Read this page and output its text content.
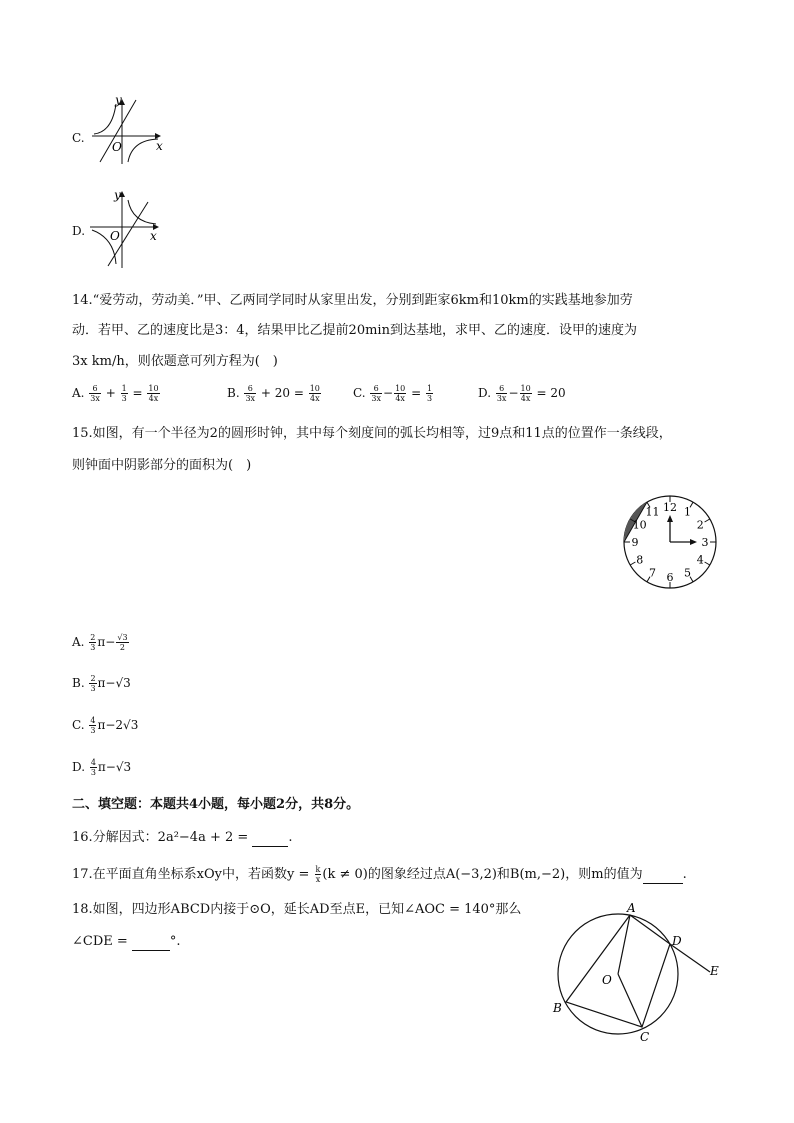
C.
y
O	x
D.
y
O	x
14.“爱劳动，劳动美．”甲、乙两同学同时从家里出发，分别到距家6km和10km的实践基地参加劳
动．若甲、乙的速度比是3：4，结果甲比乙提前20min到达基地，求甲、乙的速度．设甲的速度为
3x km/h，则依题意可列方程为(　)
A. $\frac{6}{3x} + \frac{1}{3} = \frac{10}{4x}$	B. $\frac{6}{3x} + 20 = \frac{10}{4x}$	C. $\frac{6}{3x} - \frac{10}{4x} = \frac{1}{3}$	D. $\frac{6}{3x} - \frac{10}{4x} = 20$
15.如图，有一个半径为2的圆形时钟，其中每个刻度间的弧长均相等，过9点和11点的位置作一条线段，
则钟面中阴影部分的面积为(　)
12 1
2
3
4
5
6
7
8
9
10
11
A. $\frac{2}{3} \pi- \frac{√3}{2}$
B. $\frac{2}{3} \pi-√3$
C. $\frac{4}{3} \pi-2√3$
D. $\frac{4}{3} \pi-√3$
二、填空题：本题共4小题，每小题2分，共8分。
16.分解因式：2a²−4a + 2 =	.
17.在平面直角坐标系xOy中，若函数$y = \frac{k}{x} (k \ne 0)$的图象经过点A(−3,2)和B(m,−2)，则m的值为	.
18.如图，四边形ABCD内接于⊙O，延长AD至点E，已知∠AOC = 140°那么
∠CDE =	°.
A
D
E
O
B
C
